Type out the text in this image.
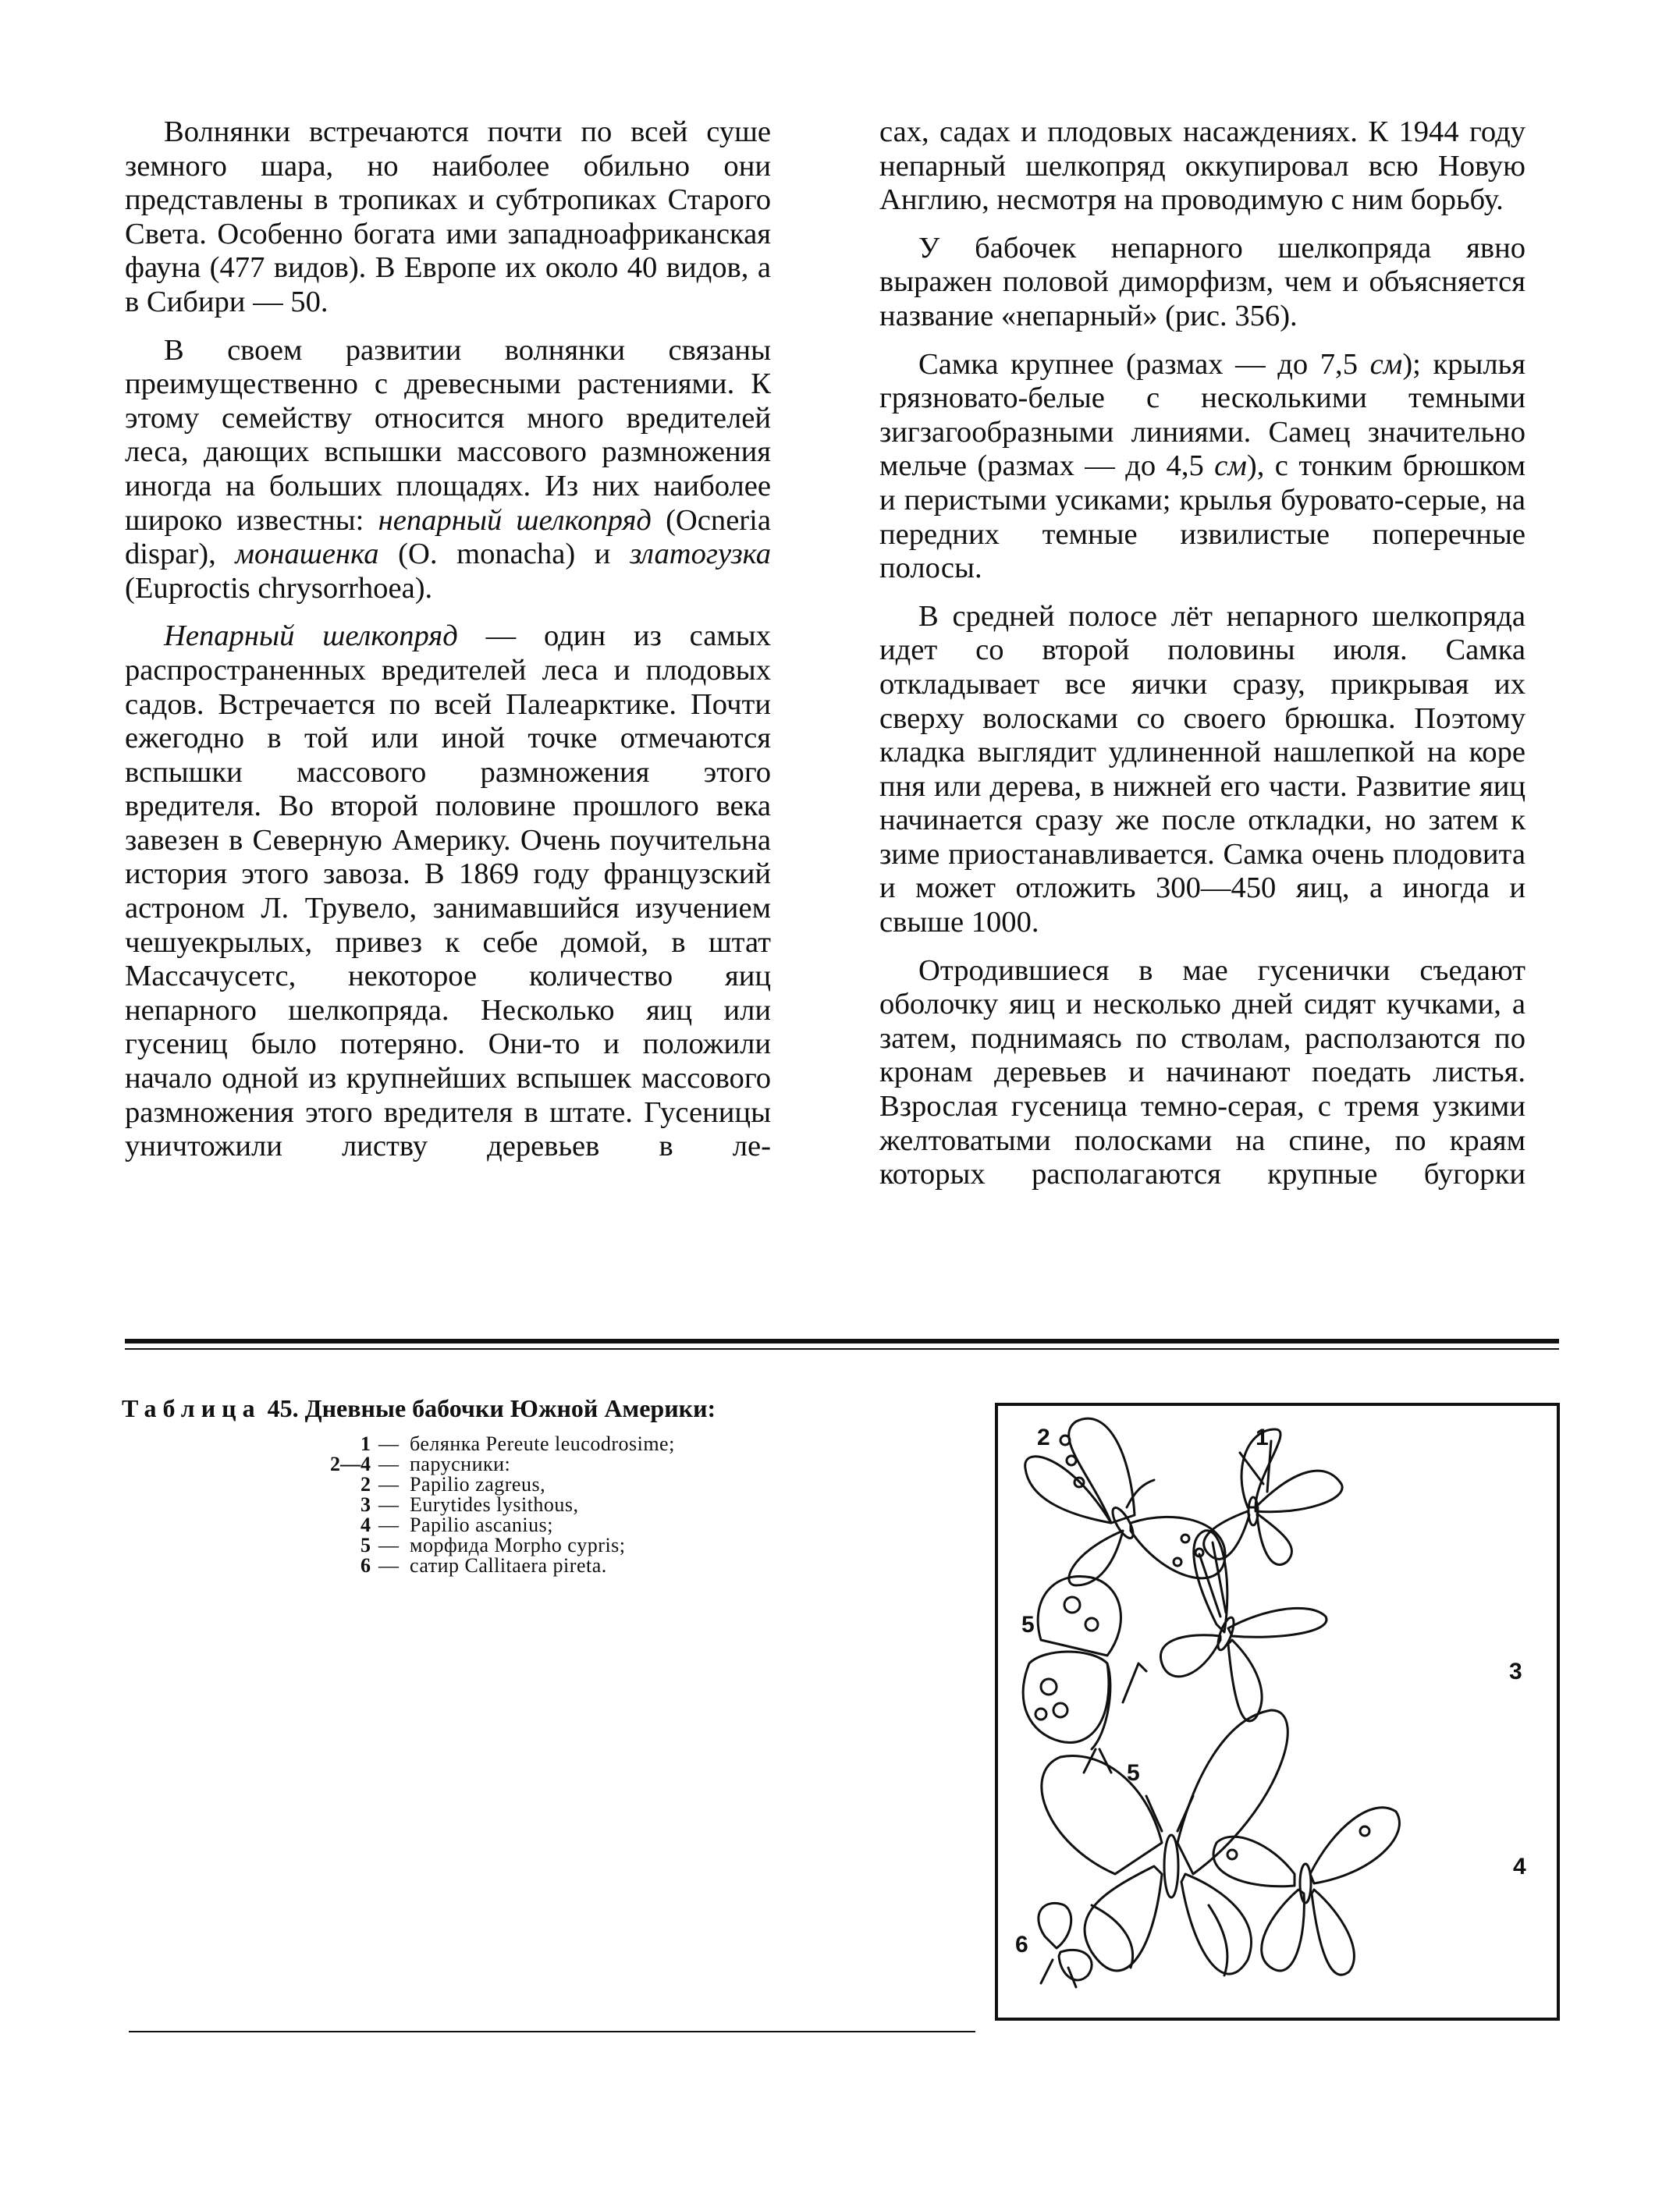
Волнянки встречаются почти по всей суше земного шара, но наиболее обильно они представлены в тропиках и субтропиках Старого Света. Особенно богата ими западноафриканская фауна (477 видов). В Европе их около 40 видов, а в Сибири — 50.

В своем развитии волнянки связаны преимущественно с древесными растениями. К этому семейству относится много вредителей леса, дающих вспышки массового размножения иногда на больших площадях. Из них наиболее широко известны: непарный шелкопряд (Ocneria dispar), монашенка (O. monacha) и златогузка (Euproctis chrysorrhoea).

Непарный шелкопряд — один из самых распространенных вредителей леса и плодовых садов. Встречается по всей Палеарктике. Почти ежегодно в той или иной точке отмечаются вспышки массового размножения этого вредителя. Во второй половине прошлого века завезен в Северную Америку. Очень поучительна история этого завоза. В 1869 году французский астроном Л. Трувело, занимавшийся изучением чешуекрылых, привез к себе домой, в штат Массачусетс, некоторое количество яиц непарного шелкопряда. Несколько яиц или гусениц было потеряно. Они-то и положили начало одной из крупнейших вспышек массового размножения этого вредителя в штате. Гусеницы уничтожили листву деревьев в ле-

сах, садах и плодовых насаждениях. К 1944 году непарный шелкопряд оккупировал всю Новую Англию, несмотря на проводимую с ним борьбу.

У бабочек непарного шелкопряда явно выражен половой диморфизм, чем и объясняется название «непарный» (рис. 356).

Самка крупнее (размах — до 7,5 см); крылья грязновато-белые с несколькими темными зигзагообразными линиями. Самец значительно мельче (размах — до 4,5 см), с тонким брюшком и перистыми усиками; крылья буровато-серые, на передних темные извилистые поперечные полосы.

В средней полосе лёт непарного шелкопряда идет со второй половины июля. Самка откладывает все яички сразу, прикрывая их сверху волосками со своего брюшка. Поэтому кладка выглядит удлиненной нашлепкой на коре пня или дерева, в нижней его части. Развитие яиц начинается сразу же после откладки, но затем к зиме приостанавливается. Самка очень плодовита и может отложить 300—450 яиц, а иногда и свыше 1000.

Отродившиеся в мае гусенички съедают оболочку яиц и несколько дней сидят кучками, а затем, поднимаясь по стволам, расползаются по кронам деревьев и начинают поедать листья. Взрослая гусеница темно-серая, с тремя узкими желтоватыми полосками на спине, по краям которых располагаются крупные бугорки

Таблица 45. Дневные бабочки Южной Америки:
1 — белянка Pereute leucodrosime;
2—4 — парусники:
2 — Papilio zagreus,
3 — Eurytides lysithous,
4 — Papilio ascanius;
5 — морфида Morpho cypris;
6 — сатир Callitaera pireta.
2	1
5
3
5
4
6
